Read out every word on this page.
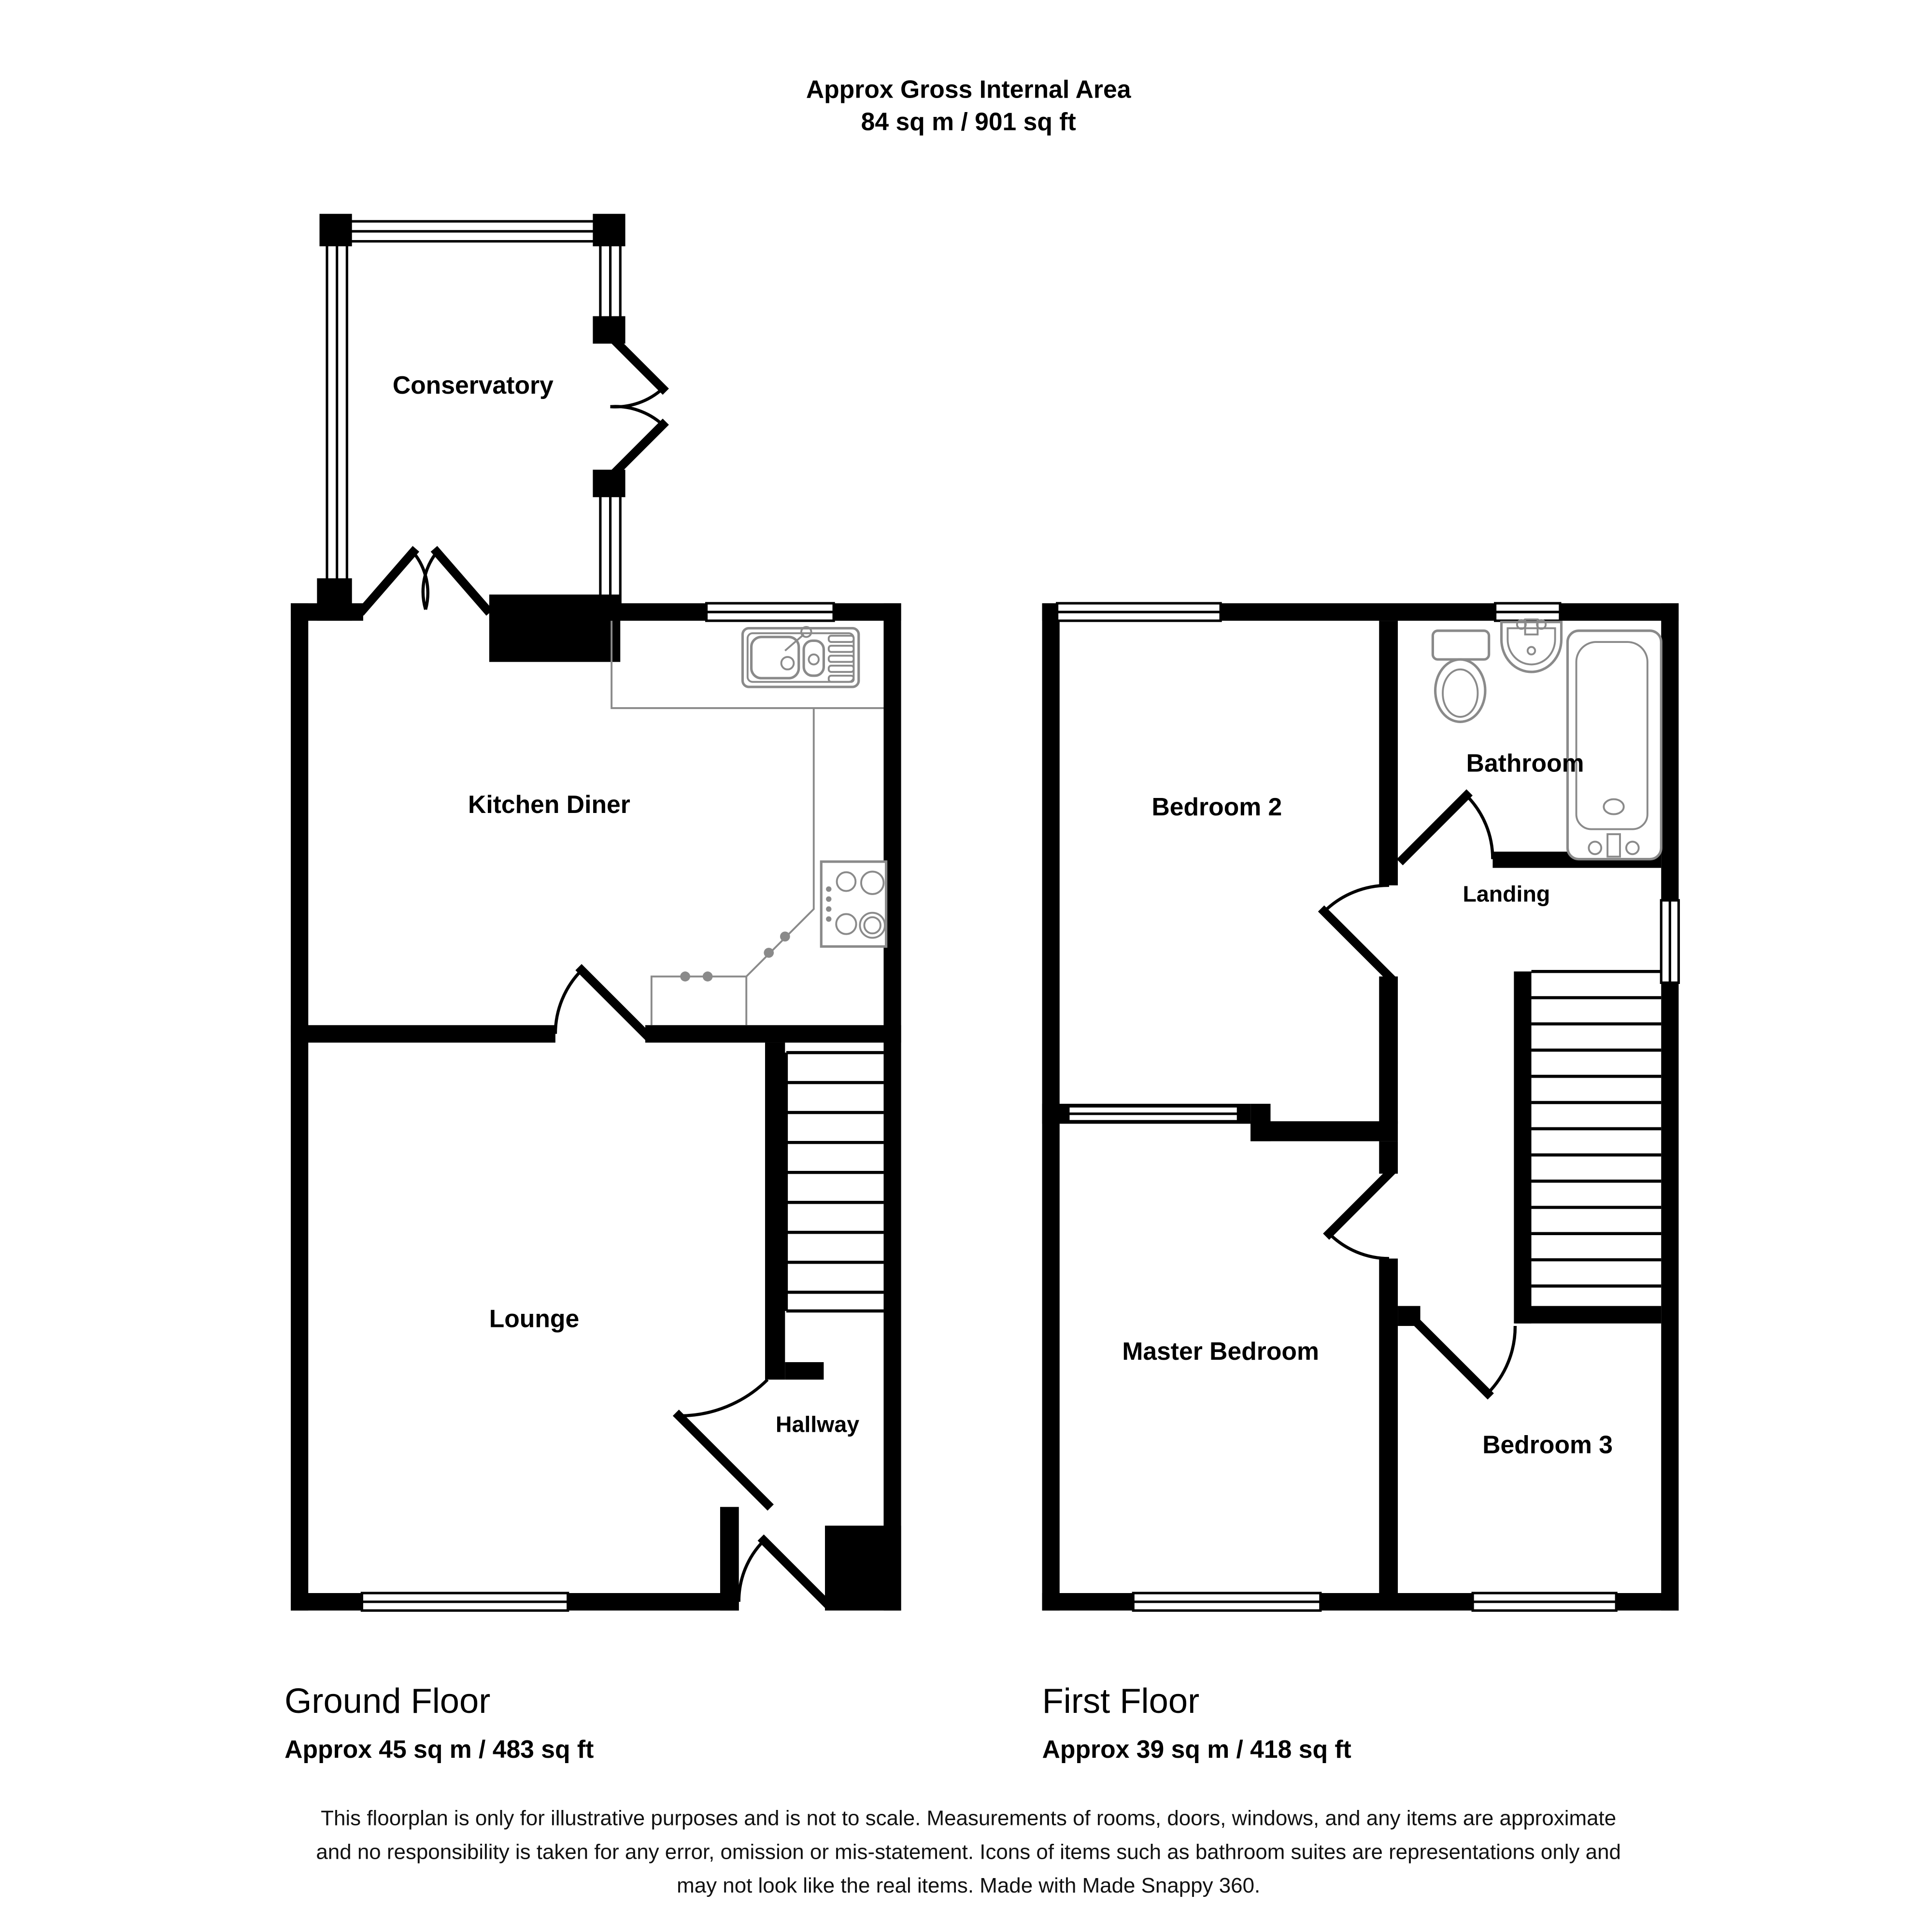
Approx Gross Internal Area
84 sq m / 901 sq ft
Conservatory
Kitchen Diner
Lounge
Hallway
Ground Floor
Approx 45 sq m / 483 sq ft
Bedroom 2
Bathroom
Landing
Master Bedroom
Bedroom 3
First Floor
Approx 39 sq m / 418 sq ft
This floorplan is only for illustrative purposes and is not to scale. Measurements of rooms, doors, windows, and any items are approximate
and no responsibility is taken for any error, omission or mis-statement. Icons of items such as bathroom suites are representations only and
may not look like the real items. Made with Made Snappy 360.
